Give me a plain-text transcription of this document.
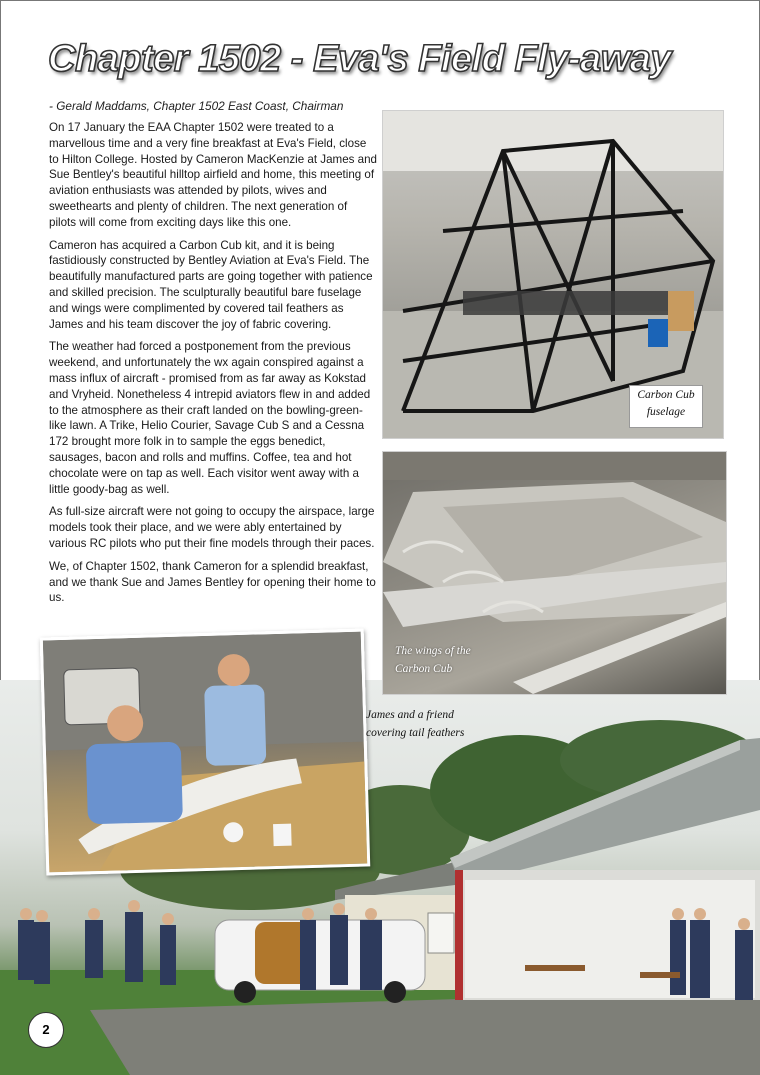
Chapter 1502 - Eva's Field Fly-away
- Gerald Maddams, Chapter 1502 East Coast, Chairman

On 17 January the EAA Chapter 1502 were treated to a marvellous time and a very fine breakfast at Eva's Field, close to Hilton College. Hosted by Cameron MacKenzie at James and Sue Bentley's beautiful hilltop airfield and home, this meeting of aviation enthusiasts was attended by pilots, wives and sweethearts and plenty of children. The next generation of pilots will come from exciting days like this one.

Cameron has acquired a Carbon Cub kit, and it is being fastidiously constructed by Bentley Aviation at Eva's Field. The beautifully manufactured parts are going together with patience and skilled precision. The sculpturally beautiful bare fuselage and wings were complimented by covered tail feathers as James and his team discover the joy of fabric covering.

The weather had forced a postponement from the previous weekend, and unfortunately the wx again conspired against a mass influx of aircraft - promised from as far away as Kokstad and Vryheid. Nonetheless 4 intrepid aviators flew in and added to the atmosphere as their craft landed on the bowling-green-like lawn. A Trike, Helio Courier, Savage Cub S and a Cessna 172 brought more folk in to sample the eggs benedict, sausages, bacon and rolls and muffins. Coffee, tea and hot chocolate were on tap as well. Each visitor went away with a little goody-bag as well.

As full-size aircraft were not going to occupy the airspace, large models took their place, and we were ably entertained by various RC pilots who put their fine models through their paces.

We, of Chapter 1502, thank Cameron for a splendid breakfast, and we thank Sue and James Bentley for opening their home to us.

Carbon Cub fuselage
The wings of the Carbon Cub
James and a friend covering tail feathers
2
